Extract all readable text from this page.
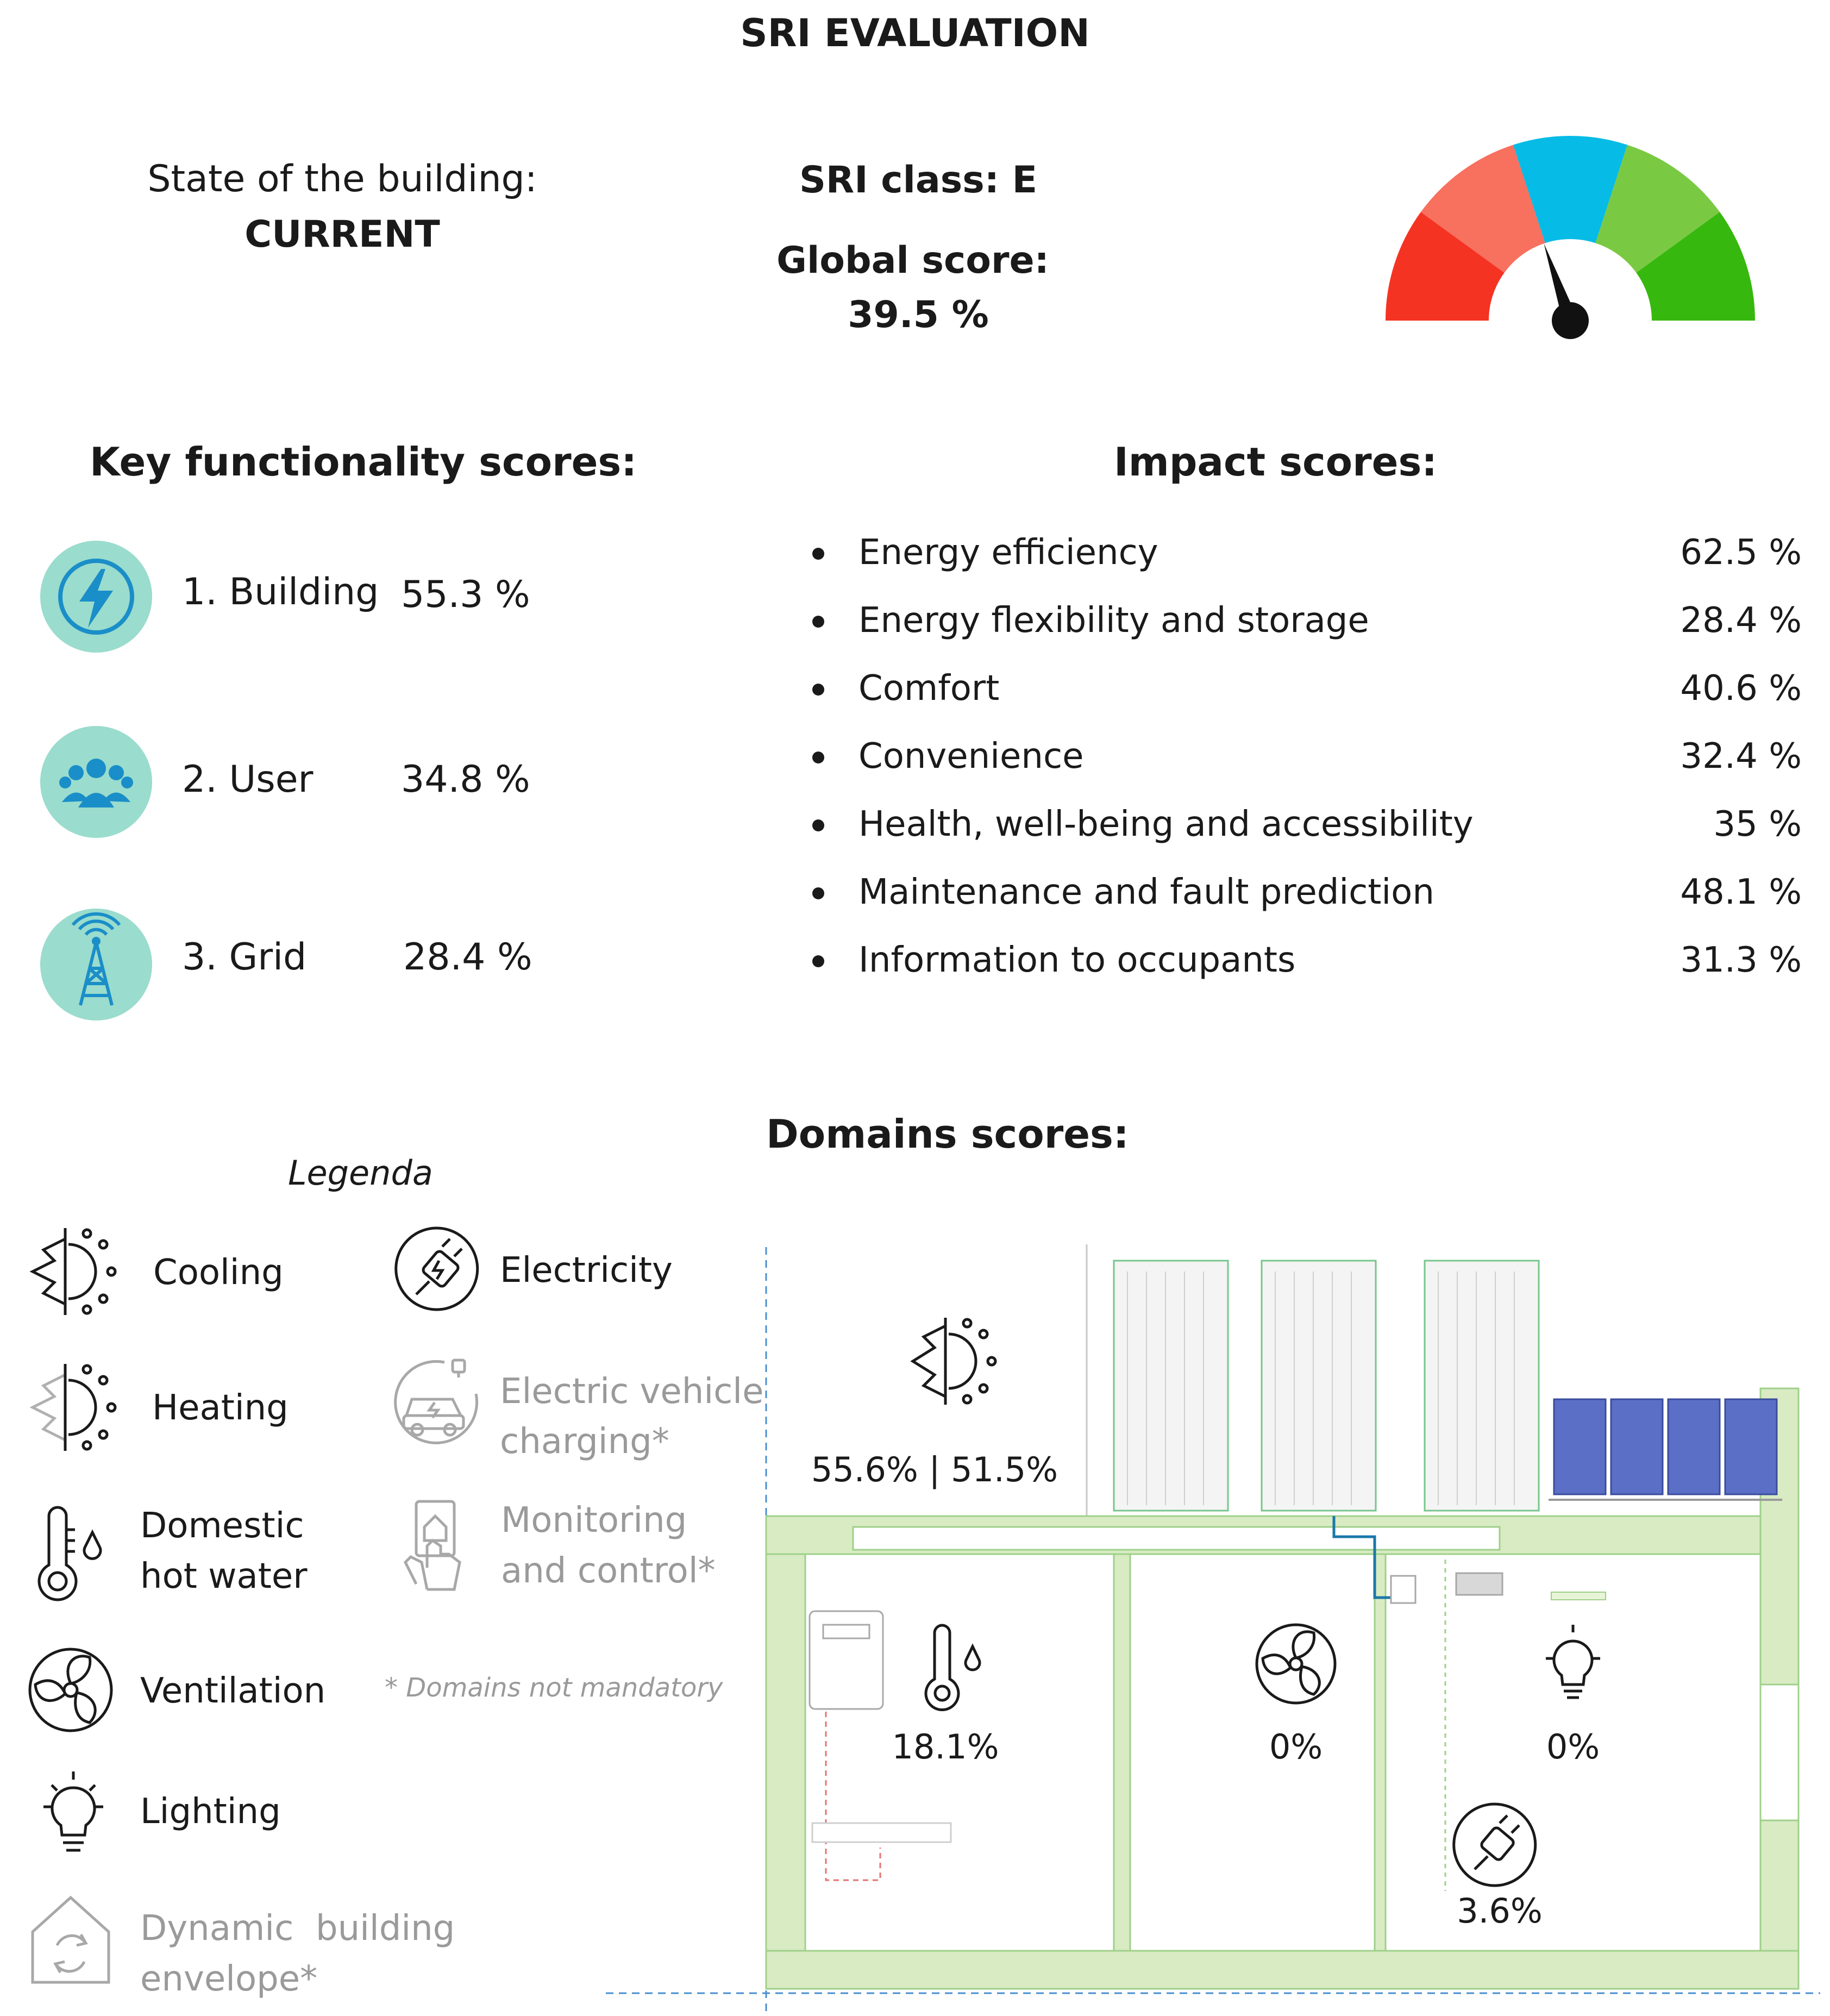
SRI EVALUATION
State of the building:
CURRENT
SRI class: E
Global score:
39.5 %
Key functionality scores:
1. Building 55.3 %
2. User 34.8 %
3. Grid	28.4 %
Impact scores:
Energy efficiency	62.5 %
Energy flexibility and storage	28.4 %
Comfort	40.6 %
Convenience	32.4 %
Health, well-being and accessibility	35 %
Maintenance and fault prediction	48.1 %
Information to occupants	31.3 %
Domains scores:
Legenda
Cooling
Heating
Domestic
hot water
Ventilation
Lighting
Dynamic  building
envelope*
Electricity
Electric vehicle
charging*
Monitoring
and control*
* Domains not mandatory
55.6% | 51.5%
18.1%	0%	0%
3.6%
